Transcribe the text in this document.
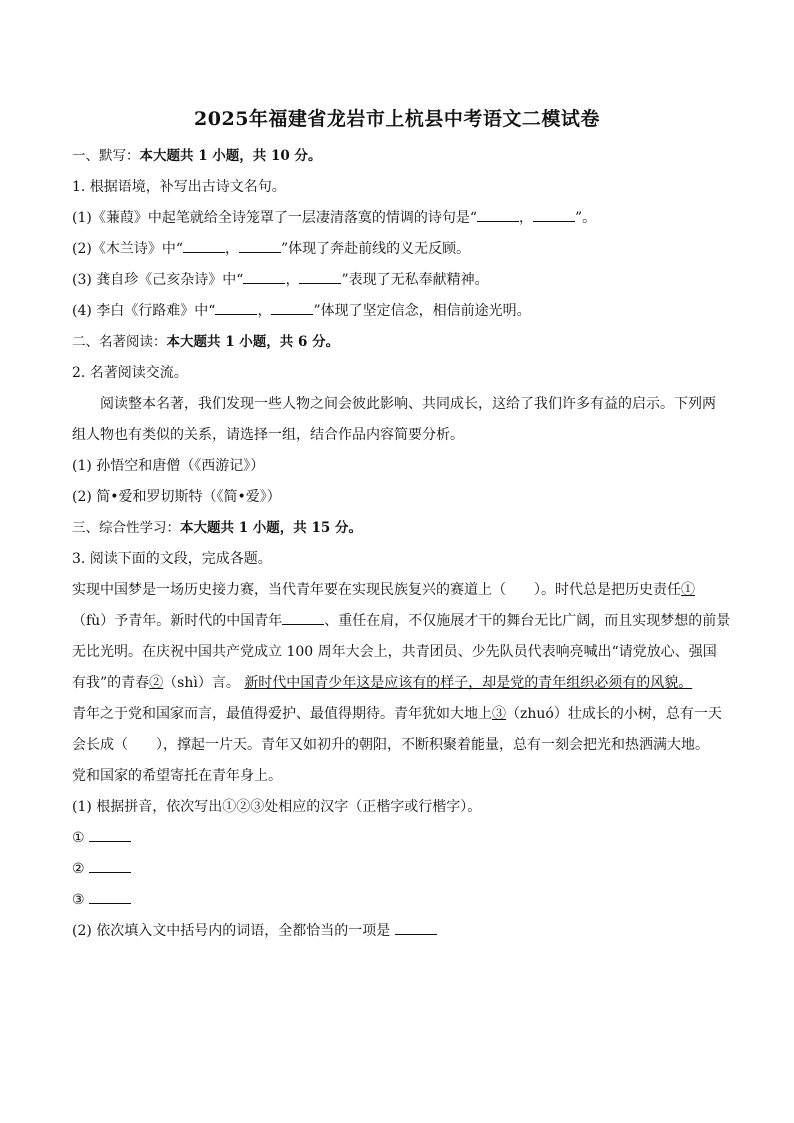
2025年福建省龙岩市上杭县中考语文二模试卷

一、默写：本大题共 1 小题，共 10 分。

1. 根据语境，补写出古诗文名句。

(1)《蒹葭》中起笔就给全诗笼罩了一层凄清落寞的情调的诗句是“	，	”。

(2)《木兰诗》中“	，	”体现了奔赴前线的义无反顾。

(3) 龚自珍《己亥杂诗》中“	，	”表现了无私奉献精神。

(4) 李白《行路难》中“	，	”体现了坚定信念，相信前途光明。

二、名著阅读：本大题共 1 小题，共 6 分。

2. 名著阅读交流。

阅读整本名著，我们发现一些人物之间会彼此影响、共同成长，这给了我们许多有益的启示。下列两

组人物也有类似的关系，请选择一组，结合作品内容简要分析。

(1) 孙悟空和唐僧（《西游记》）

(2) 简•爱和罗切斯特（《简•爱》）

三、综合性学习：本大题共 1 小题，共 15 分。

3. 阅读下面的文段，完成各题。

实现中国梦是一场历史接力赛，当代青年要在实现民族复兴的赛道上（　　）。时代总是把历史责任①

（fù）予青年。新时代的中国青年	、重任在肩，不仅施展才干的舞台无比广阔，而且实现梦想的前景

无比光明。在庆祝中国共产党成立 100 周年大会上，共青团员、少先队员代表响亮喊出“请党放心、强国

有我”的青春②（shì）言。 新时代中国青少年这是应该有的样子，却是党的青年组织必须有的风貌。

青年之于党和国家而言，最值得爱护、最值得期待。青年犹如大地上③（zhuó）壮成长的小树，总有一天

会长成（　　），撑起一片天。青年又如初升的朝阳，不断积聚着能量，总有一刻会把光和热洒满大地。

党和国家的希望寄托在青年身上。

(1) 根据拼音，依次写出①②③处相应的汉字（正楷字或行楷字）。

①

②

③

(2) 依次填入文中括号内的词语，全都恰当的一项是
